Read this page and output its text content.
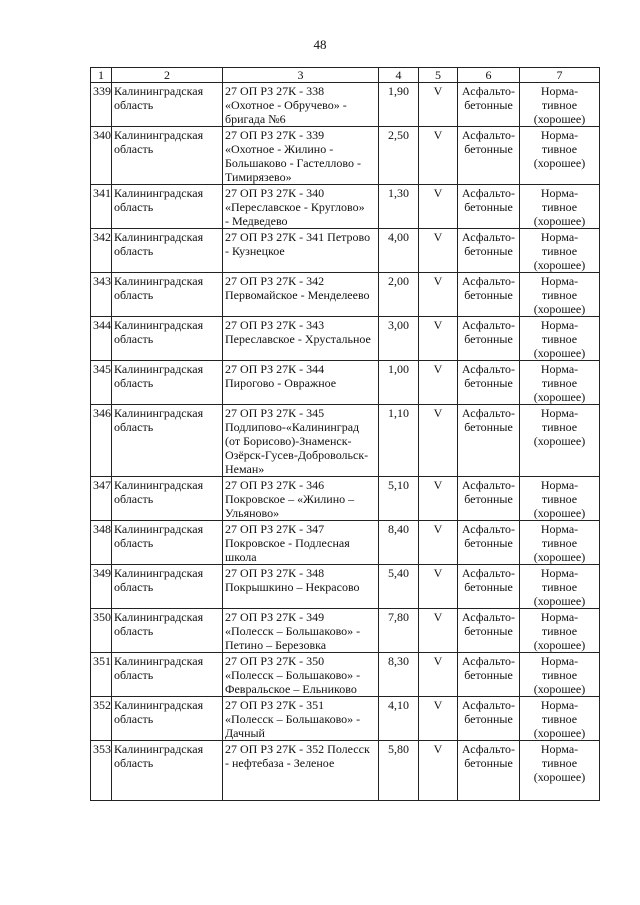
48
1	2	3	4	5	6	7
339	Калининградская область	27 ОП РЗ 27К - 338
«Охотное - Обручево» -
бригада №6	1,90	V	Асфальто-
бетонные	Норма-
тивное
(хорошее)

340	Калининградская область	27 ОП РЗ 27К - 339
«Охотное - Жилино -
Большаково - Гастеллово -
Тимирязево»	2,50	V	Асфальто-
бетонные	Норма-
тивное
(хорошее)

341	Калининградская область	27 ОП РЗ 27К - 340
«Переславское - Круглово»
- Медведево	1,30	V	Асфальто-
бетонные	Норма-
тивное
(хорошее)

342	Калининградская область	27 ОП РЗ 27К - 341 Петрово
- Кузнецкое	4,00	V	Асфальто-
бетонные	Норма-
тивное
(хорошее)

343	Калининградская область	27 ОП РЗ 27К - 342
Первомайское - Менделеево	2,00	V	Асфальто-
бетонные	Норма-
тивное
(хорошее)

344	Калининградская область	27 ОП РЗ 27К - 343
Переславское - Хрустальное	3,00	V	Асфальто-
бетонные	Норма-
тивное
(хорошее)

345	Калининградская область	27 ОП РЗ 27К - 344
Пирогово - Овражное	1,00	V	Асфальто-
бетонные	Норма-
тивное
(хорошее)

346	Калининградская область	27 ОП РЗ 27К - 345
Подлипово-«Калининград
(от Борисово)-Знаменск-
Озёрск-Гусев-Добровольск-
Неман»	1,10	V	Асфальто-
бетонные	Норма-
тивное
(хорошее)

347	Калининградская область	27 ОП РЗ 27К - 346
Покровское – «Жилино –
Ульяново»	5,10	V	Асфальто-
бетонные	Норма-
тивное
(хорошее)

348	Калининградская область	27 ОП РЗ 27К - 347
Покровское - Подлесная
школа	8,40	V	Асфальто-
бетонные	Норма-
тивное
(хорошее)

349	Калининградская область	27 ОП РЗ 27К - 348
Покрышкино – Некрасово	5,40	V	Асфальто-
бетонные	Норма-
тивное
(хорошее)

350	Калининградская область	27 ОП РЗ 27К - 349
«Полесск – Большаково» -
Петино – Березовка	7,80	V	Асфальто-
бетонные	Норма-
тивное
(хорошее)

351	Калининградская область	27 ОП РЗ 27К - 350
«Полесск – Большаково» -
Февральское – Ельниково	8,30	V	Асфальто-
бетонные	Норма-
тивное
(хорошее)

352	Калининградская область	27 ОП РЗ 27К - 351
«Полесск – Большаково» -
Дачный	4,10	V	Асфальто-
бетонные	Норма-
тивное
(хорошее)

353	Калининградская область	27 ОП РЗ 27К - 352 Полесск
- нефтебаза - Зеленое	5,80	V	Асфальто-
бетонные	Норма-
тивное
(хорошее)
